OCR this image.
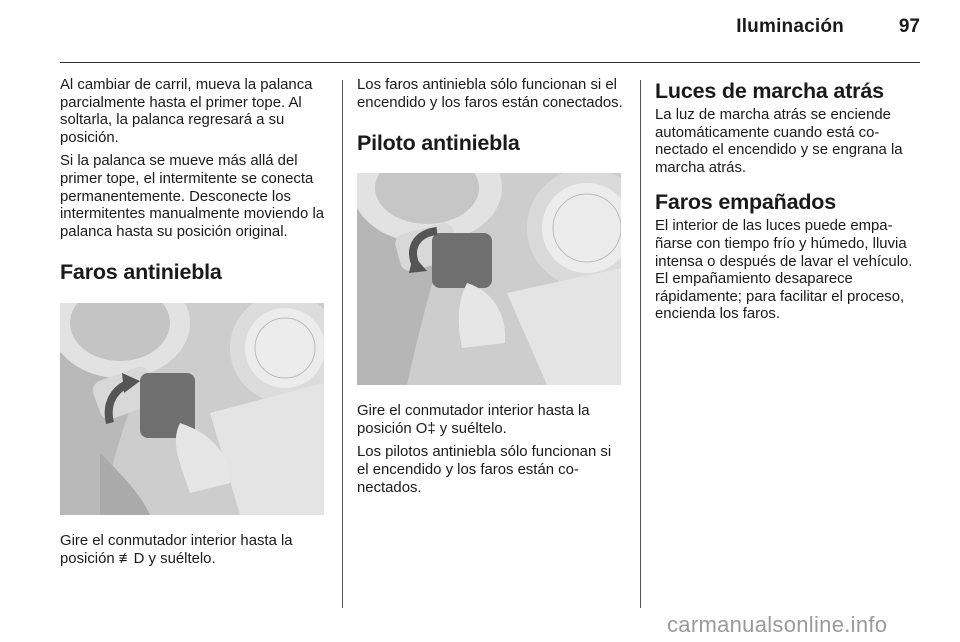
Iluminación	97

Al cambiar de carril, mueva la palanca parcialmente hasta el primer tope. Al soltarla, la palanca regresará a su posición.

Si la palanca se mueve más allá del primer tope, el intermitente se conecta permanentemente. Desconecte los intermitentes manualmente moviendo la palanca hasta su posición original.

Faros antiniebla

Gire el conmutador interior hasta la posición ≢D y suéltelo.

Los faros antiniebla sólo funcionan si el encendido y los faros están conectados.

Piloto antiniebla

Gire el conmutador interior hasta la posición O‡ y suéltelo.

Los pilotos antiniebla sólo funcionan si el encendido y los faros están conectados.

Luces de marcha atrás

La luz de marcha atrás se enciende automáticamente cuando está conectado el encendido y se engrana la marcha atrás.

Faros empañados

El interior de las luces puede empañarse con tiempo frío y húmedo, lluvia intensa o después de lavar el vehículo. El empañamiento desaparece rápidamente; para facilitar el proceso, encienda los faros.

carmanualsonline.info
